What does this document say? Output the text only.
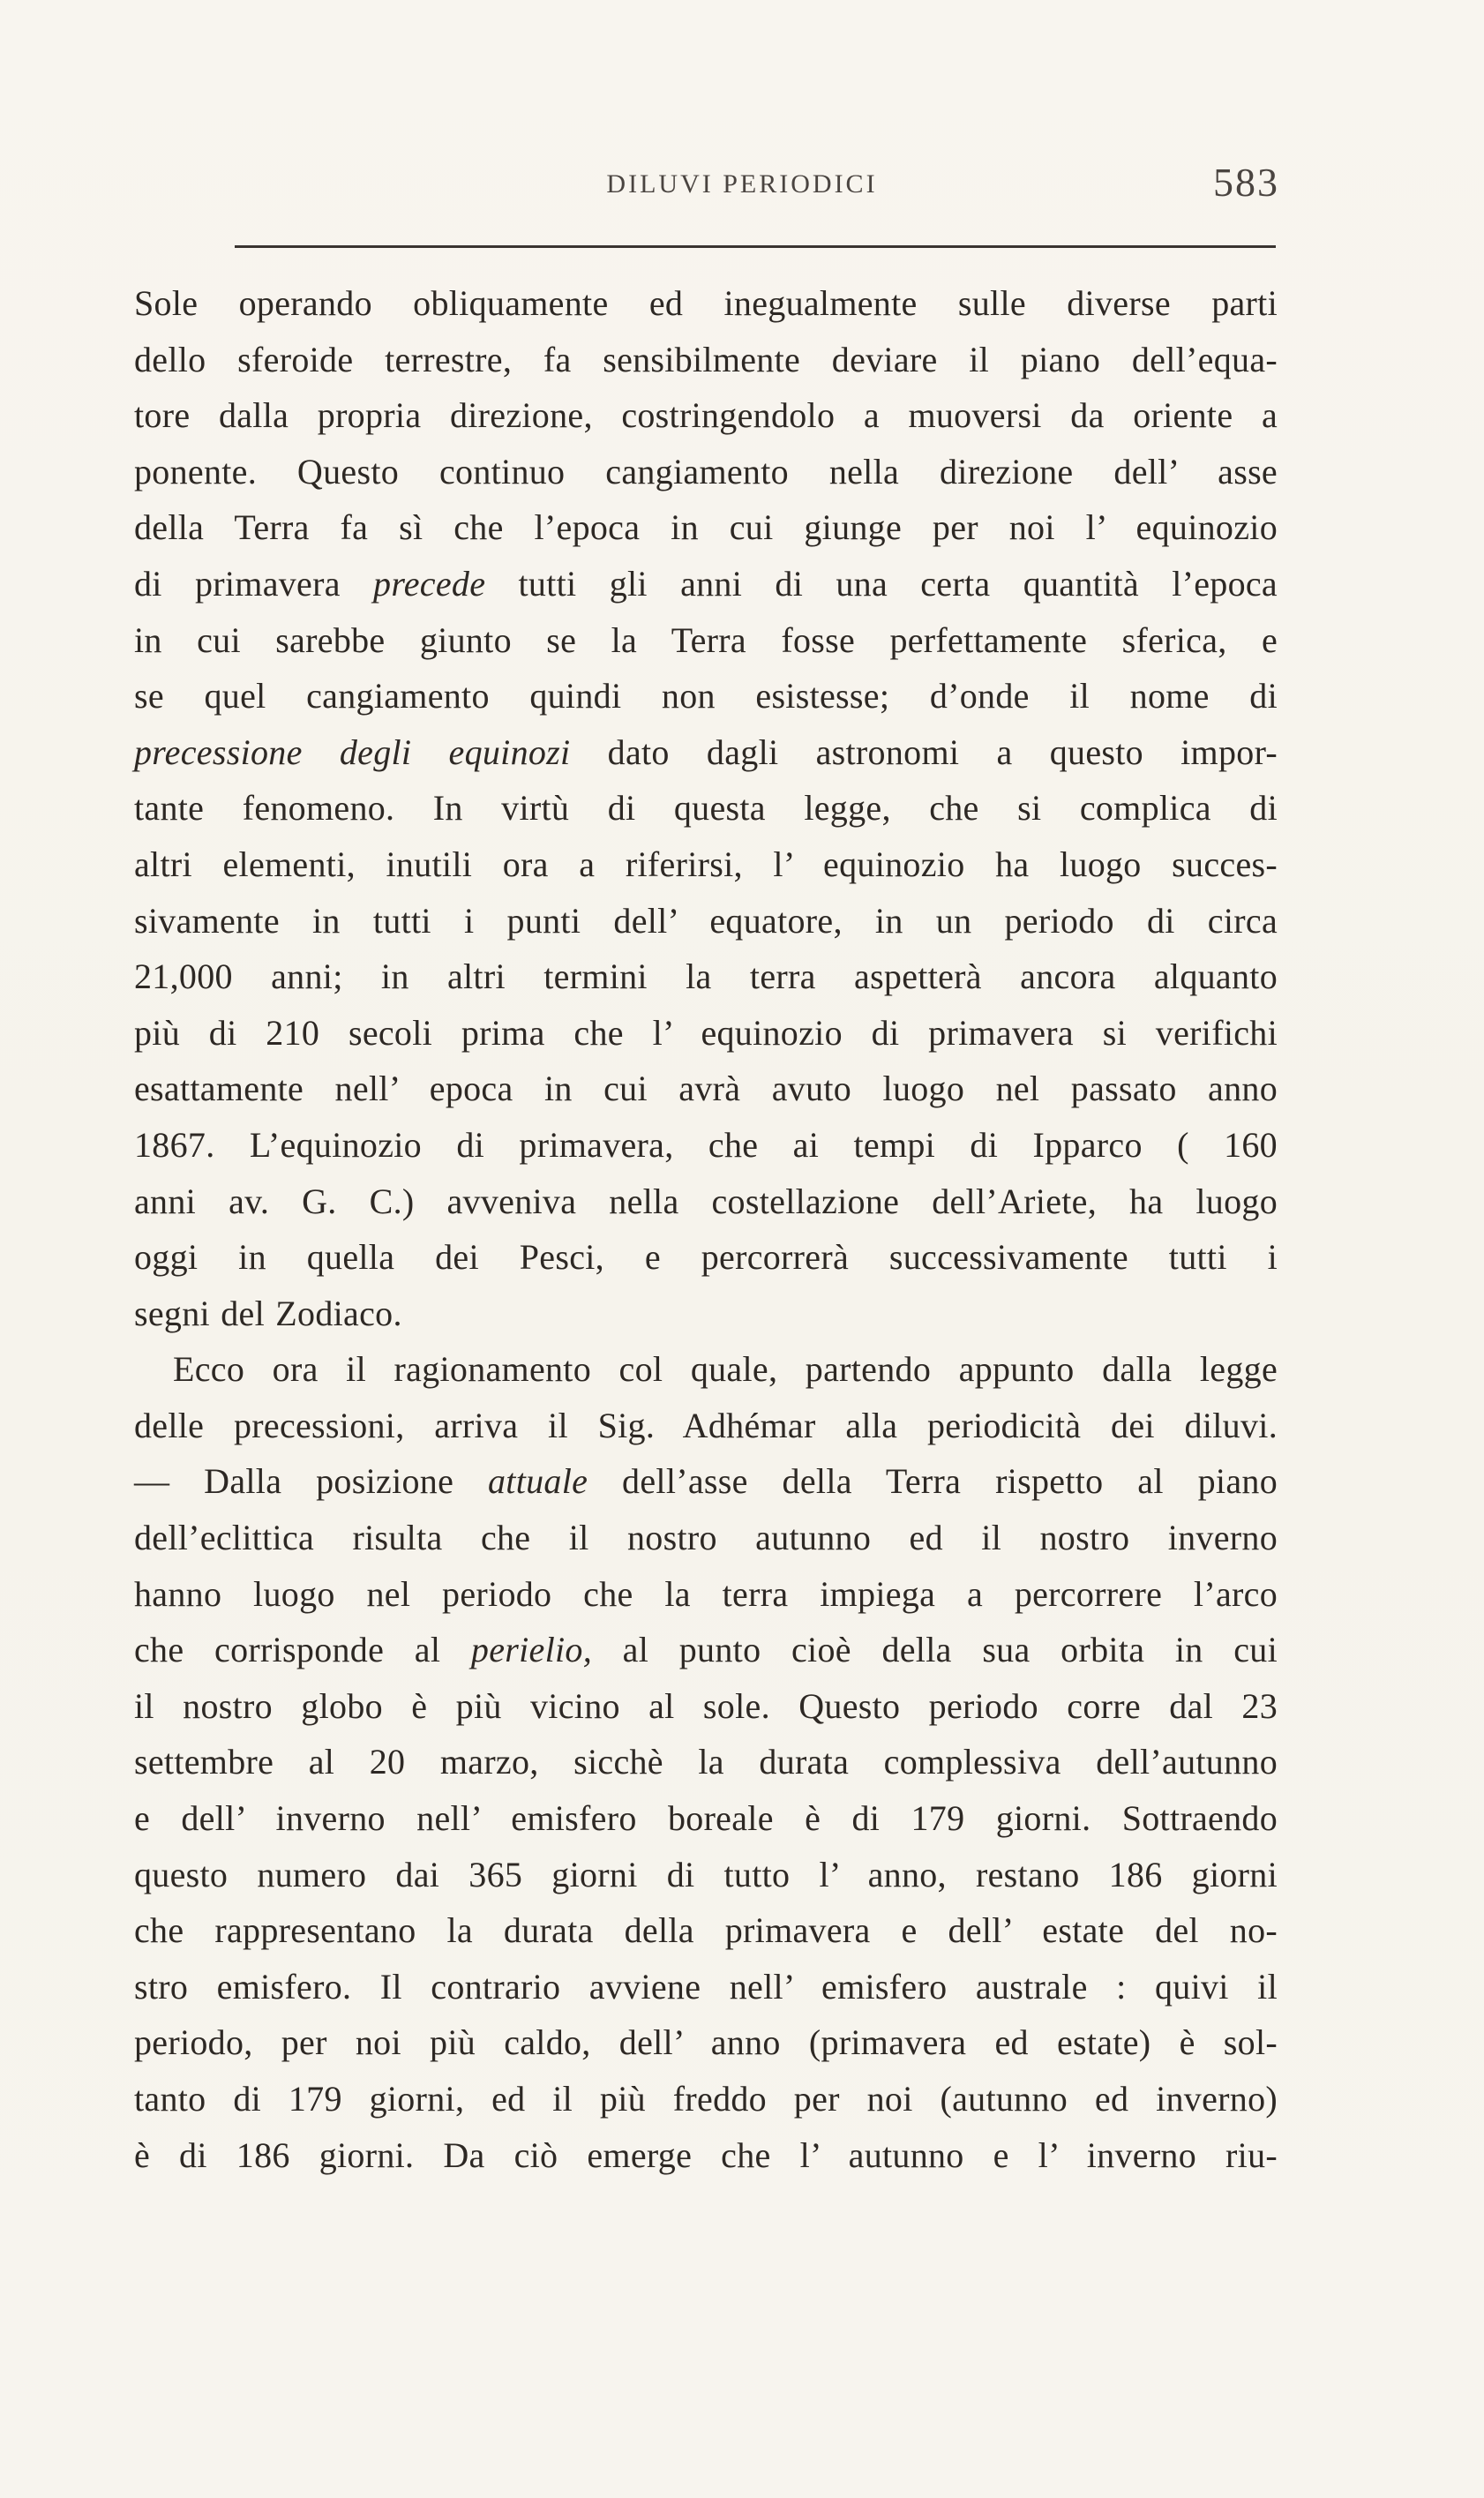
DILUVI PERIODICI	583
Sole operando obliquamente ed inegualmente sulle diverse parti
dello sferoide terrestre, fa sensibilmente deviare il piano dell’equa-
tore dalla propria direzione, costringendolo a muoversi da oriente a
ponente. Questo continuo cangiamento nella direzione dell’ asse
della Terra fa sì che l’epoca in cui giunge per noi l’ equinozio
di primavera precede tutti gli anni di una certa quantità l’epoca
in cui sarebbe giunto se la Terra fosse perfettamente sferica, e
se quel cangiamento quindi non esistesse; d’onde il nome di
precessione degli equinozi dato dagli astronomi a questo impor-
tante fenomeno. In virtù di questa legge, che si complica di
altri elementi, inutili ora a riferirsi, l’ equinozio ha luogo succes-
sivamente in tutti i punti dell’ equatore, in un periodo di circa
21,000 anni; in altri termini la terra aspetterà ancora alquanto
più di 210 secoli prima che l’ equinozio di primavera si verifichi
esattamente nell’ epoca in cui avrà avuto luogo nel passato anno
1867. L’equinozio di primavera, che ai tempi di Ipparco ( 160
anni av. G. C.) avveniva nella costellazione dell’Ariete, ha luogo
oggi in quella dei Pesci, e percorrerà successivamente tutti i
segni del Zodiaco.
Ecco ora il ragionamento col quale, partendo appunto dalla legge
delle precessioni, arriva il Sig. Adhémar alla periodicità dei diluvi.
— Dalla posizione attuale dell’asse della Terra rispetto al piano
dell’eclittica risulta che il nostro autunno ed il nostro inverno
hanno luogo nel periodo che la terra impiega a percorrere l’arco
che corrisponde al perielio, al punto cioè della sua orbita in cui
il nostro globo è più vicino al sole. Questo periodo corre dal 23
settembre al 20 marzo, sicchè la durata complessiva dell’autunno
e dell’ inverno nell’ emisfero boreale è di 179 giorni. Sottraendo
questo numero dai 365 giorni di tutto l’ anno, restano 186 giorni
che rappresentano la durata della primavera e dell’ estate del no-
stro emisfero. Il contrario avviene nell’ emisfero australe : quivi il
periodo, per noi più caldo, dell’ anno (primavera ed estate) è sol-
tanto di 179 giorni, ed il più freddo per noi (autunno ed inverno)
è di 186 giorni. Da ciò emerge che l’ autunno e l’ inverno riu-
